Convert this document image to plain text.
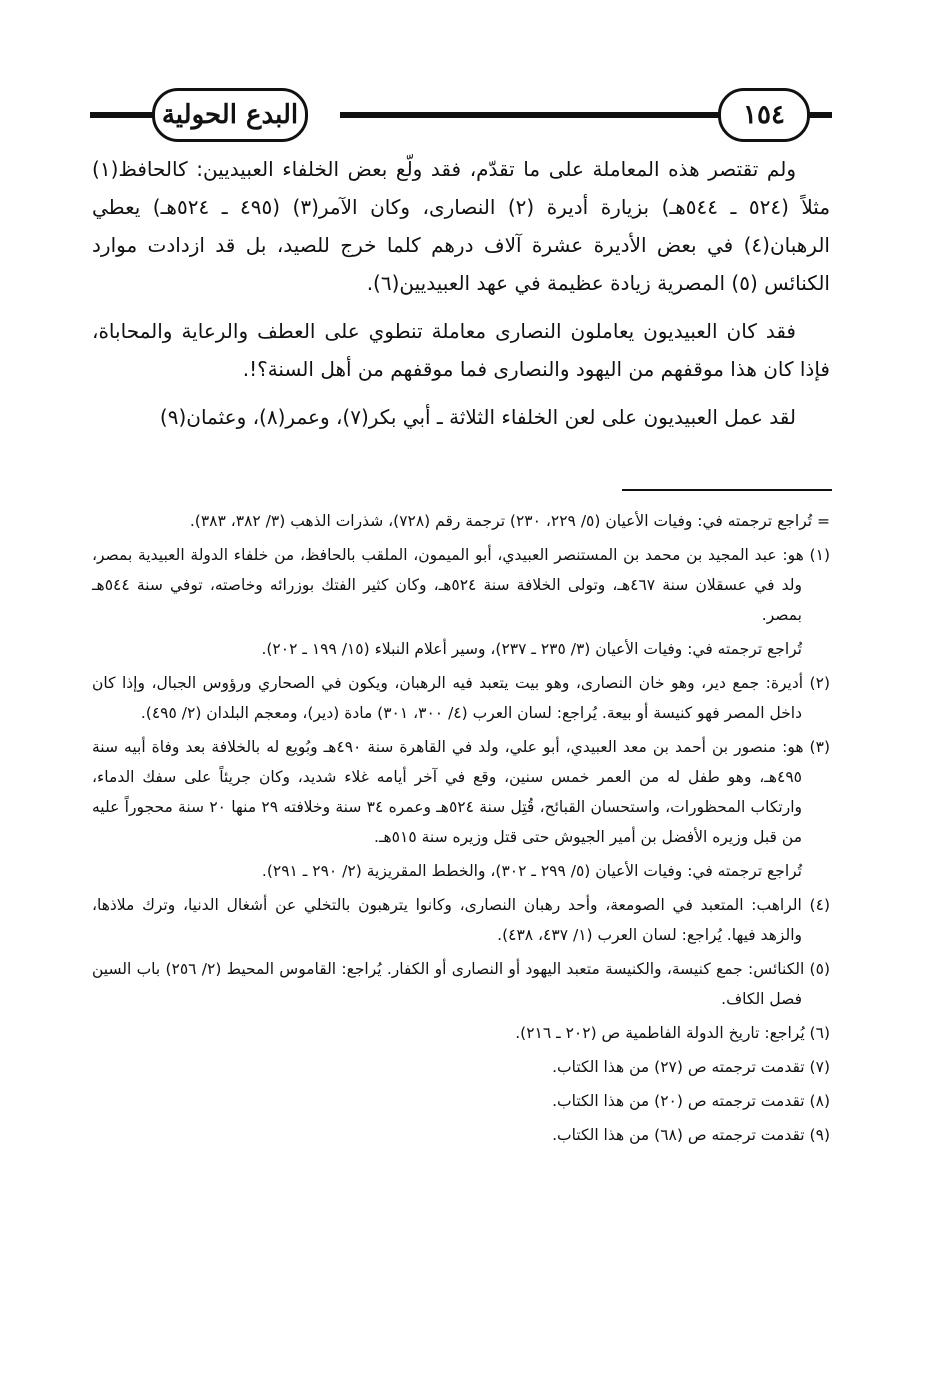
البدع الحولية	١٥٤

ولم تقتصر هذه المعاملة على ما تقدّم، فقد ولّع بعض الخلفاء العبيديين: كالحافظ(١) مثلاً (٥٢٤ ـ ٥٤٤هـ) بزيارة أديرة (٢) النصارى، وكان الآمر(٣) (٤٩٥ ـ ٥٢٤هـ) يعطي الرهبان(٤) في بعض الأديرة عشرة آلاف درهم كلما خرج للصيد، بل قد ازدادت موارد الكنائس (٥) المصرية زيادة عظيمة في عهد العبيديين(٦).

فقد كان العبيديون يعاملون النصارى معاملة تنطوي على العطف والرعاية والمحاباة، فإذا كان هذا موقفهم من اليهود والنصارى فما موقفهم من أهل السنة؟!.

لقد عمل العبيديون على لعن الخلفاء الثلاثة ـ أبي بكر(٧)، وعمر(٨)، وعثمان(٩)

= تُراجع ترجمته في: وفيات الأعيان (٥/ ٢٢٩، ٢٣٠) ترجمة رقم (٧٢٨)، شذرات الذهب (٣/ ٣٨٢، ٣٨٣).
(١) هو: عبد المجيد بن محمد بن المستنصر العبيدي، أبو الميمون، الملقب بالحافظ، من خلفاء الدولة العبيدية بمصر، ولد في عسقلان سنة ٤٦٧هـ، وتولى الخلافة سنة ٥٢٤هـ، وكان كثير الفتك بوزرائه وخاصته، توفي سنة ٥٤٤هـ بمصر.
تُراجع ترجمته في: وفيات الأعيان (٣/ ٢٣٥ ـ ٢٣٧)، وسير أعلام النبلاء (١٥/ ١٩٩ ـ ٢٠٢).
(٢) أديرة: جمع دير، وهو خان النصارى، وهو بيت يتعبد فيه الرهبان، ويكون في الصحاري ورؤوس الجبال، وإذا كان داخل المصر فهو كنيسة أو بيعة. يُراجع: لسان العرب (٤/ ٣٠٠، ٣٠١) مادة (دير)، ومعجم البلدان (٢/ ٤٩٥).
(٣) هو: منصور بن أحمد بن معد العبيدي، أبو علي، ولد في القاهرة سنة ٤٩٠هـ وبُويع له بالخلافة بعد وفاة أبيه سنة ٤٩٥هـ، وهو طفل له من العمر خمس سنين، وقع في آخر أيامه غلاء شديد، وكان جريئاً على سفك الدماء، وارتكاب المحظورات، واستحسان القبائح، قُتِل سنة ٥٢٤هـ وعمره ٣٤ سنة وخلافته ٢٩ منها ٢٠ سنة محجوراً عليه من قبل وزيره الأفضل بن أمير الجيوش حتى قتل وزيره سنة ٥١٥هـ.
تُراجع ترجمته في: وفيات الأعيان (٥/ ٢٩٩ ـ ٣٠٢)، والخطط المقريزية (٢/ ٢٩٠ ـ ٢٩١).
(٤) الراهب: المتعبد في الصومعة، وأحد رهبان النصارى، وكانوا يترهبون بالتخلي عن أشغال الدنيا، وترك ملاذها، والزهد فيها. يُراجع: لسان العرب (١/ ٤٣٧، ٤٣٨).
(٥) الكنائس: جمع كنيسة، والكنيسة متعبد اليهود أو النصارى أو الكفار. يُراجع: القاموس المحيط (٢/ ٢٥٦) باب السين فصل الكاف.
(٦) يُراجع: تاريخ الدولة الفاطمية ص (٢٠٢ ـ ٢١٦).
(٧) تقدمت ترجمته ص (٢٧) من هذا الكتاب.
(٨) تقدمت ترجمته ص (٢٠) من هذا الكتاب.
(٩) تقدمت ترجمته ص (٦٨) من هذا الكتاب.
